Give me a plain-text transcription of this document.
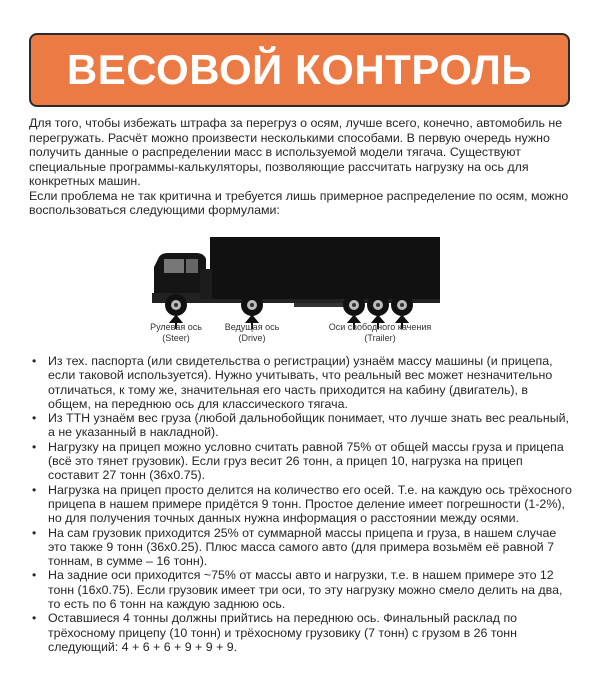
ВЕСОВОЙ КОНТРОЛЬ

Для того, чтобы избежать штрафа за перегруз о осям, лучше всего, конечно, автомобиль не перегружать. Расчёт можно произвести несколькими способами. В первую очередь нужно получить данные о распределении масс в используемой модели тягача. Существуют специальные программы-калькуляторы, позволяющие рассчитать нагрузку на ось для конкретных машин.

Если проблема не так критична и требуется лишь примерное распределение по осям, можно воспользоваться следующими формулами:

Рулевая ось
(Steer)
Ведущая ось
(Drive)
Оси свободного качения
(Trailer)
• Из тех. паспорта (или свидетельства о регистрации) узнаём массу машины (и прицепа, если таковой используется). Нужно учитывать, что реальный вес может незначительно отличаться, к тому же, значительная его часть приходится на кабину (двигатель), в общем, на переднюю ось для классического тягача.
• Из ТТН узнаём вес груза (любой дальнобойщик понимает, что лучше знать вес реальный, а не указанный в накладной).
• Нагрузку на прицеп можно условно считать равной 75% от общей массы груза и прицепа (всё это тянет грузовик). Если груз весит 26 тонн, а прицеп 10, нагрузка на прицеп составит 27 тонн (36x0.75).
• Нагрузка на прицеп просто делится на количество его осей. Т.е. на каждую ось трёхосного прицепа в нашем примере придётся 9 тонн. Простое деление имеет погрешности (1-2%), но для получения точных данных нужна информация о расстоянии между осями.
• На сам грузовик приходится 25% от суммарной массы прицепа и груза, в нашем случае это также 9 тонн (36x0.25). Плюс масса самого авто (для примера возьмём её равной 7 тоннам, в сумме – 16 тонн).
• На задние оси приходится ~75% от массы авто и нагрузки, т.е. в нашем примере это 12 тонн (16x0.75). Если грузовик имеет три оси, то эту нагрузку можно смело делить на два, то есть по 6 тонн на каждую заднюю ось.
• Оставшиеся 4 тонны должны прийтись на переднюю ось. Финальный расклад по трёхосному прицепу (10 тонн) и трёхосному грузовику (7 тонн) с грузом в 26 тонн следующий: 4 + 6 + 6 + 9 + 9 + 9.
